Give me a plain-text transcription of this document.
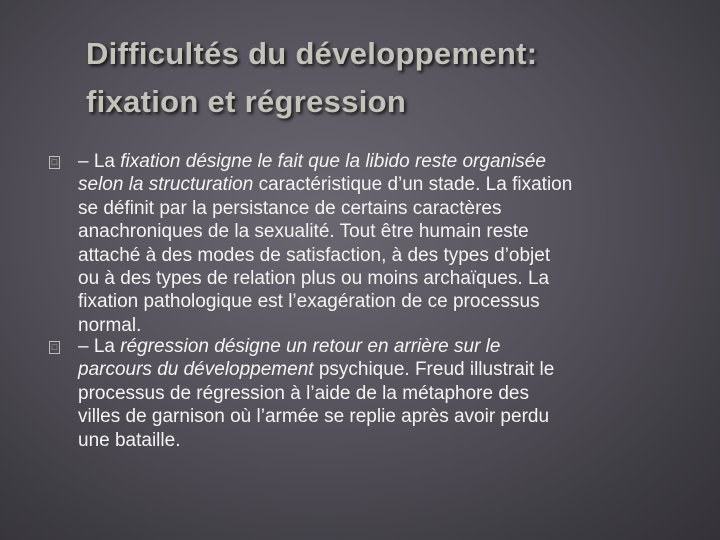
Difficultés du développement:
fixation et régression
□ – La fixation désigne le fait que la libido reste organisée
selon la structuration caractéristique d’un stade. La fixation
se définit par la persistance de certains caractères
anachroniques de la sexualité. Tout être humain reste
attaché à des modes de satisfaction, à des types d’objet
ou à des types de relation plus ou moins archaïques. La
fixation pathologique est l’exagération de ce processus
normal.
□ – La régression désigne un retour en arrière sur le
parcours du développement psychique. Freud illustrait le
processus de régression à l’aide de la métaphore des
villes de garnison où l’armée se replie après avoir perdu
une bataille.
